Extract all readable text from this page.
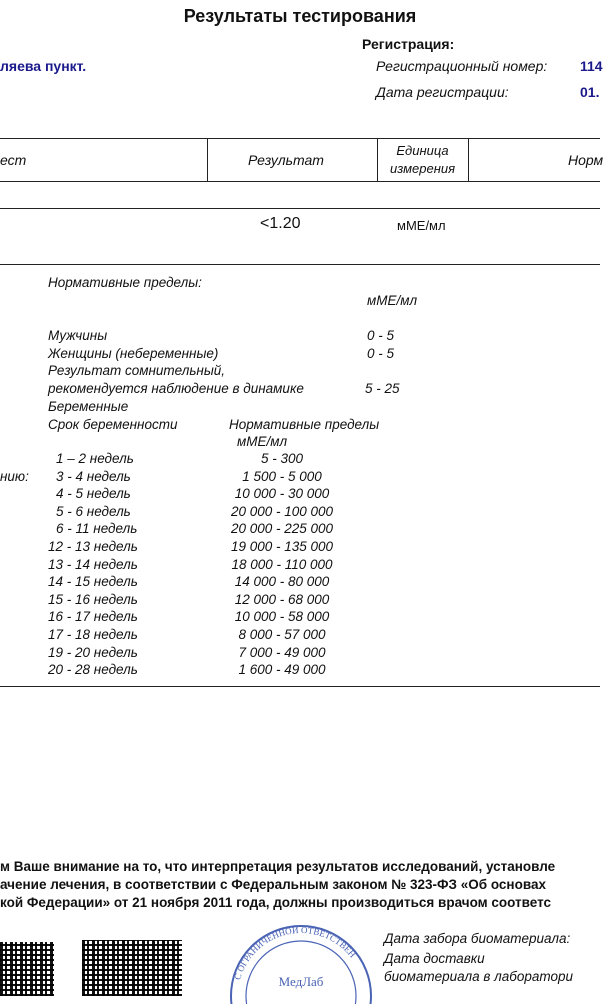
Результаты тестирования
ляева пункт.
Регистрация:
Регистрационный номер: 114
Дата регистрации:	01.
ест	Результат
Единица
измерения
Норм
<1.20	мМЕ/мл
Нормативные пределы:
мМЕ/мл
Мужчины	0 - 5
Женщины (небеременные)	0 - 5
Результат сомнительный,
рекомендуется наблюдение в динамике	5 - 25
Беременные
Срок беременности	Нормативные пределы
мМЕ/мл
нию:
1 – 2 недель	5 - 300
3 - 4 недель	1 500 - 5 000
4 - 5 недель	10 000 - 30 000
5 - 6 недель	20 000 - 100 000
6 - 11 недель	20 000 - 225 000
12 - 13 недель	19 000 - 135 000
13 - 14 недель	18 000 - 110 000
14 - 15 недель	14 000 - 80 000
15 - 16 недель	12 000 - 68 000
16 - 17 недель	10 000 - 58 000
17 - 18 недель	8 000 - 57 000
19 - 20 недель	7 000 - 49 000
20 - 28 недель	1 600 - 49 000
м Ваше внимание на то, что интерпретация результатов исследований, установле
ачение лечения, в соответствии с Федеральным законом № 323-ФЗ «Об основах
кой Федерации» от 21 ноября 2011 года, должны производиться врачом соответс
С ОГРАНИЧЕННОЙ ОТВЕТСТВЕН
МедЛаб
Дата забора биоматериала:
Дата доставки
биоматериала в лаборатори
